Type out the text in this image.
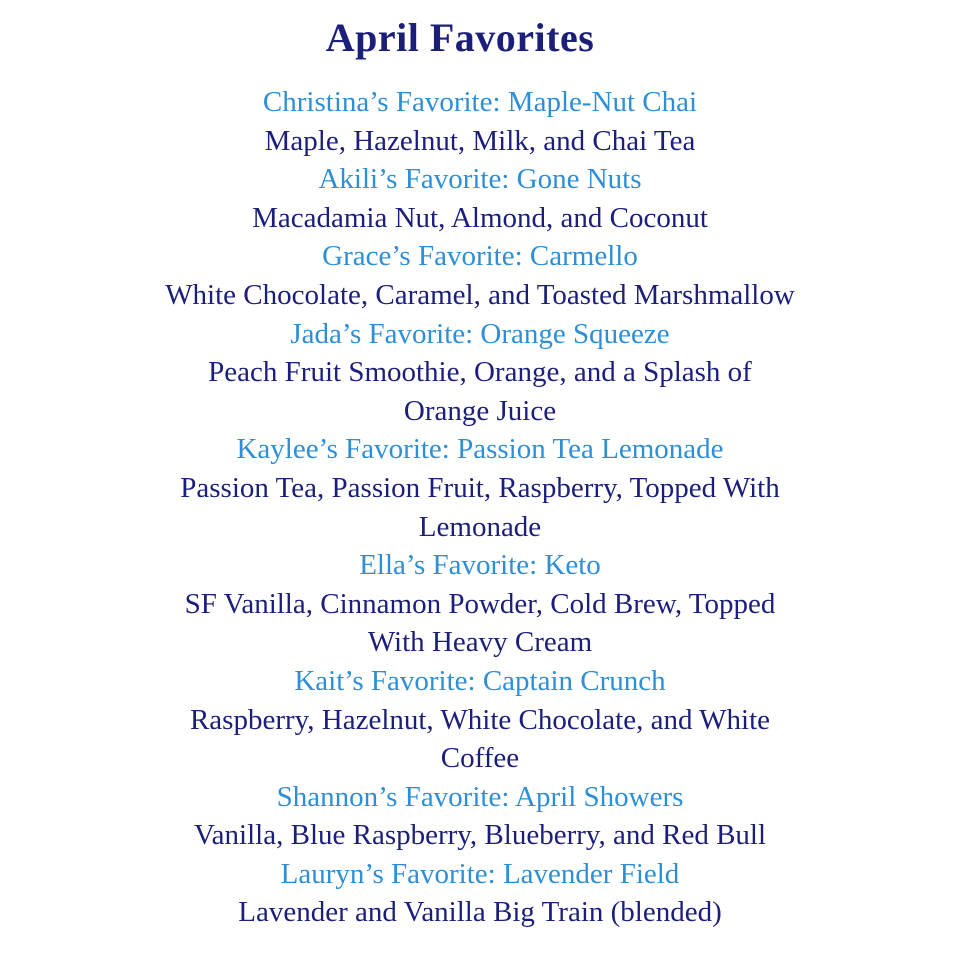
April Favorites
Christina’s Favorite: Maple-Nut Chai
Maple, Hazelnut, Milk, and Chai Tea
Akili’s Favorite: Gone Nuts
Macadamia Nut, Almond, and Coconut
Grace’s Favorite: Carmello
White Chocolate, Caramel, and Toasted Marshmallow
Jada’s Favorite: Orange Squeeze
Peach Fruit Smoothie, Orange, and a Splash of
Orange Juice
Kaylee’s Favorite: Passion Tea Lemonade
Passion Tea, Passion Fruit, Raspberry, Topped With
Lemonade
Ella’s Favorite: Keto
SF Vanilla, Cinnamon Powder, Cold Brew, Topped
With Heavy Cream
Kait’s Favorite: Captain Crunch
Raspberry, Hazelnut, White Chocolate, and White
Coffee
Shannon’s Favorite: April Showers
Vanilla, Blue Raspberry, Blueberry, and Red Bull
Lauryn’s Favorite: Lavender Field
Lavender and Vanilla Big Train (blended)
